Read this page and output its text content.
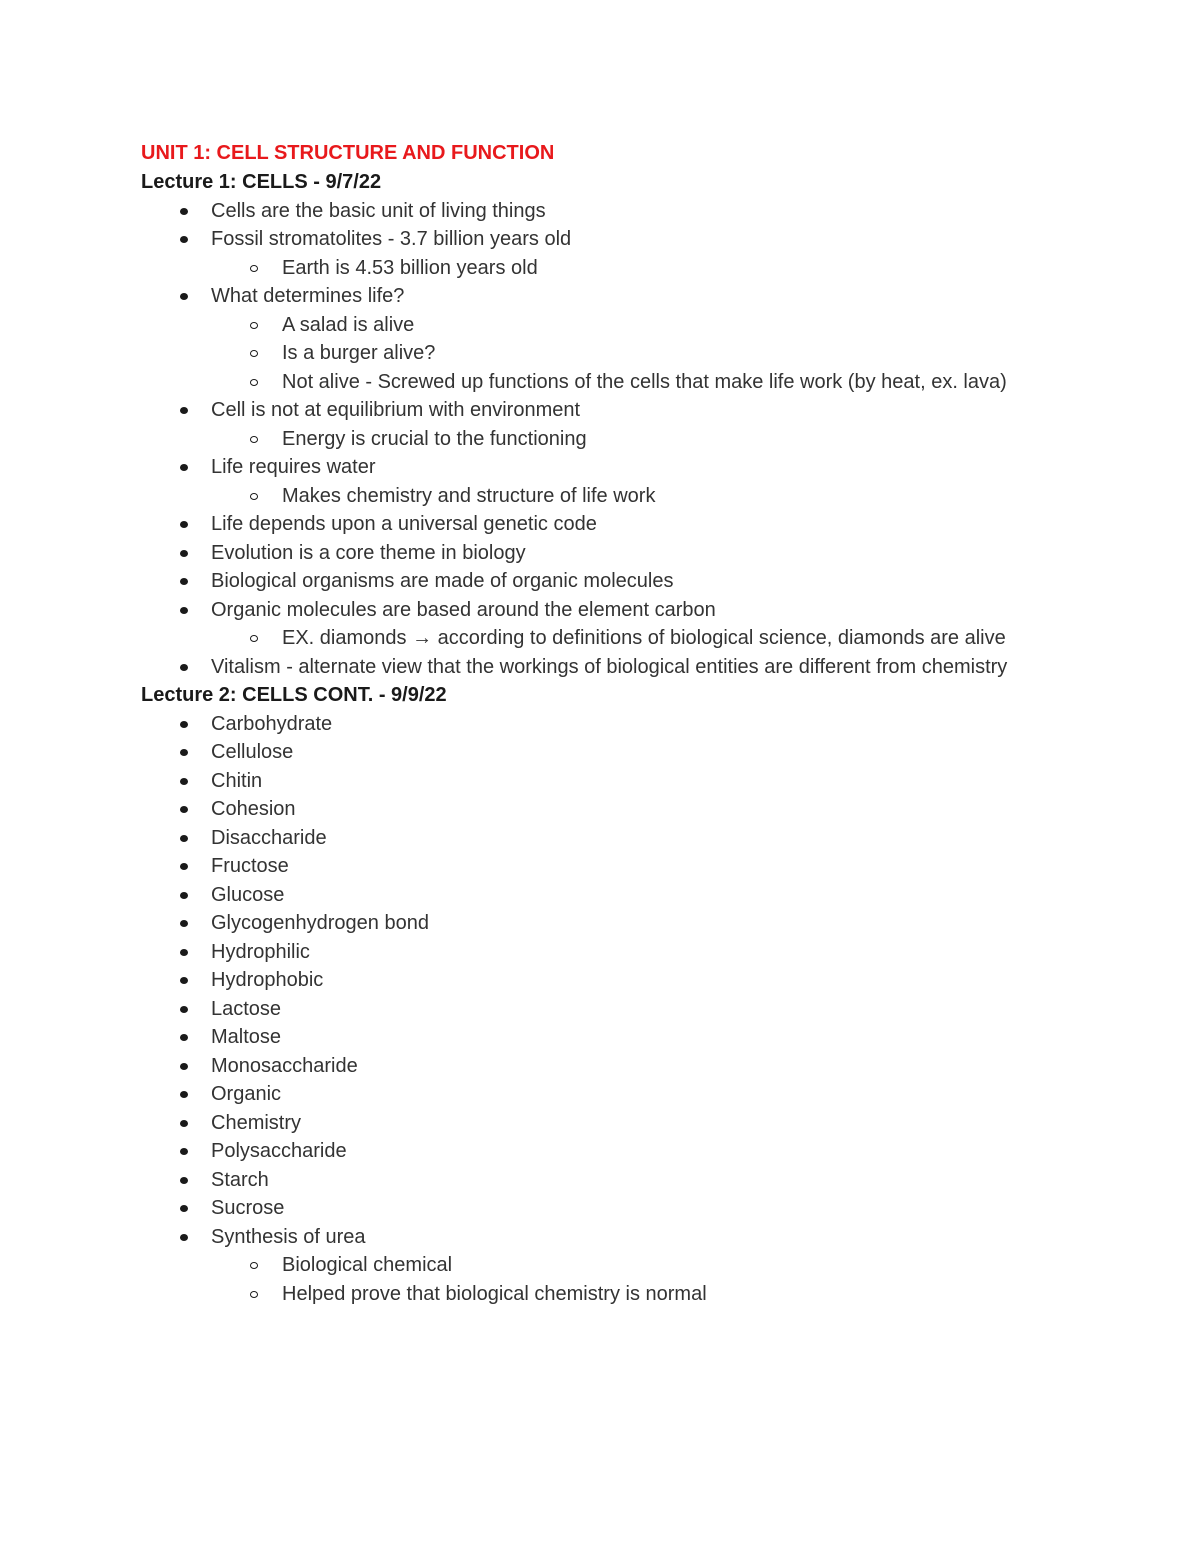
UNIT 1: CELL STRUCTURE AND FUNCTION
Lecture 1: CELLS - 9/7/22
Cells are the basic unit of living things
Fossil stromatolites - 3.7 billion years old
Earth is 4.53 billion years old
What determines life?
A salad is alive
Is a burger alive?
Not alive - Screwed up functions of the cells that make life work (by heat, ex. lava)
Cell is not at equilibrium with environment
Energy is crucial to the functioning
Life requires water
Makes chemistry and structure of life work
Life depends upon a universal genetic code
Evolution is a core theme in biology
Biological organisms are made of organic molecules
Organic molecules are based around the element carbon
EX. diamonds → according to definitions of biological science, diamonds are alive
Vitalism - alternate view that the workings of biological entities are different from chemistry
Lecture 2: CELLS CONT. - 9/9/22
Carbohydrate
Cellulose
Chitin
Cohesion
Disaccharide
Fructose
Glucose
Glycogenhydrogen bond
Hydrophilic
Hydrophobic
Lactose
Maltose
Monosaccharide
Organic
Chemistry
Polysaccharide
Starch
Sucrose
Synthesis of urea
Biological chemical
Helped prove that biological chemistry is normal
